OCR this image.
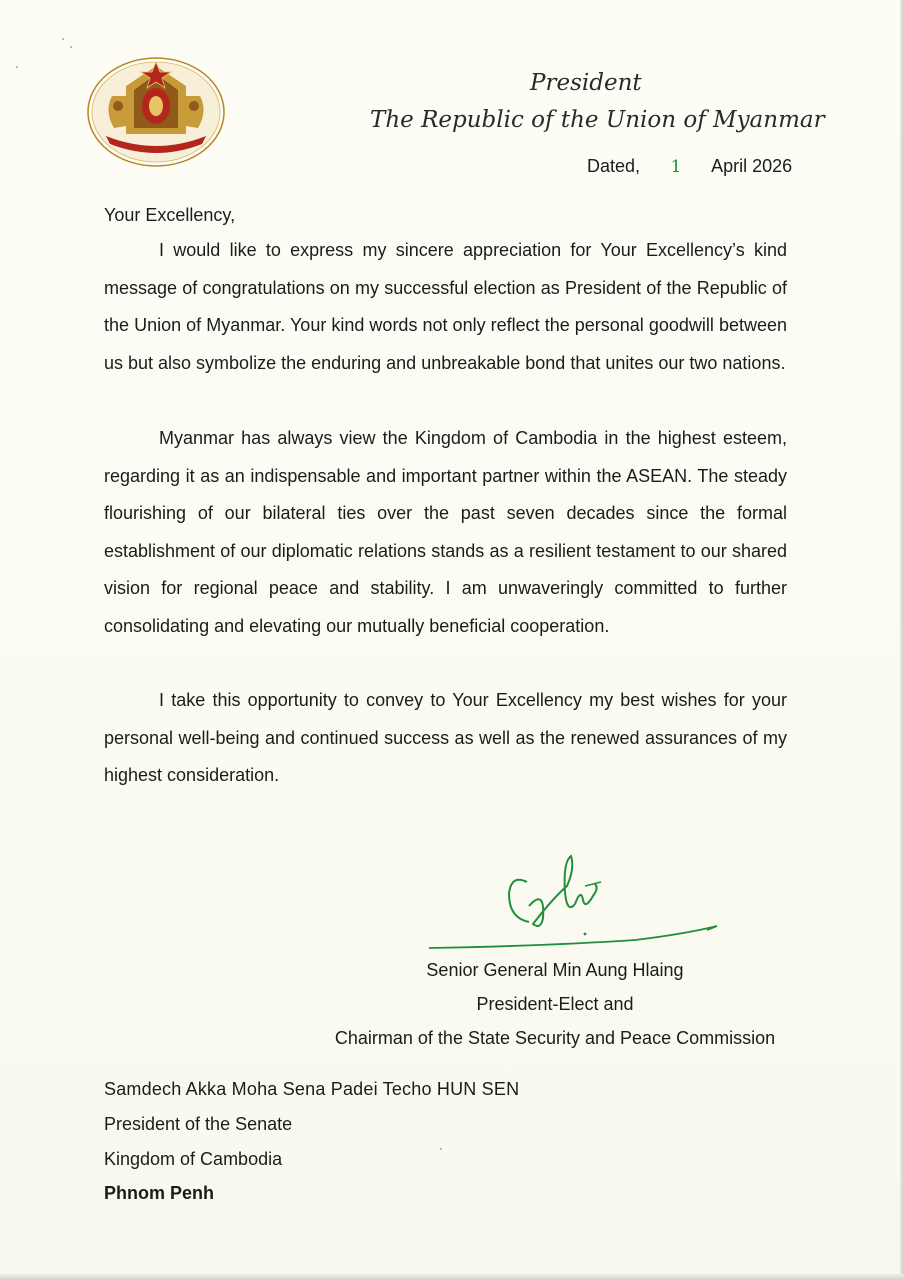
President
The Republic of the Union of Myanmar
Dated, 1 April 2026
Your Excellency,
I would like to express my sincere appreciation for Your Excellency’s kind message of congratulations on my successful election as President of the Republic of the Union of Myanmar. Your kind words not only reflect the personal goodwill between us but also symbolize the enduring and unbreakable bond that unites our two nations.
Myanmar has always view the Kingdom of Cambodia in the highest esteem, regarding it as an indispensable and important partner within the ASEAN. The steady flourishing of our bilateral ties over the past seven decades since the formal establishment of our diplomatic relations stands as a resilient testament to our shared vision for regional peace and stability. I am unwaveringly committed to further consolidating and elevating our mutually beneficial cooperation.
I take this opportunity to convey to Your Excellency my best wishes for your personal well-being and continued success as well as the renewed assurances of my highest consideration.
Senior General Min Aung Hlaing
President-Elect and
Chairman of the State Security and Peace Commission
Samdech Akka Moha Sena Padei Techo HUN SEN
President of the Senate
Kingdom of Cambodia
Phnom Penh
